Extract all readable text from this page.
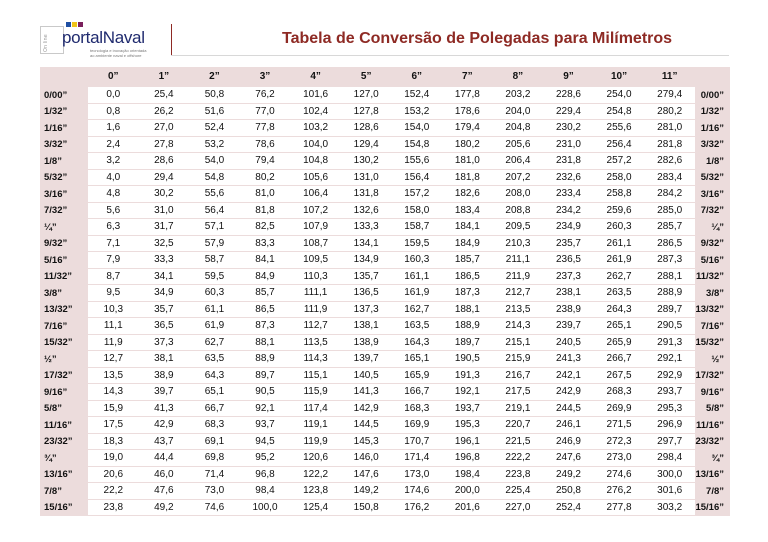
On line portalNaval
tecnologia e inovação orientada
ao ambiente naval e offshore
Tabela de Conversão de Polegadas para Milímetros
	0”	1”	2”	3”	4”	5”	6”	7”	8”	9”	10”	11”	
0/00”	0,0	25,4	50,8	76,2	101,6	127,0	152,4	177,8	203,2	228,6	254,0	279,4	0/00”
1/32”	0,8	26,2	51,6	77,0	102,4	127,8	153,2	178,6	204,0	229,4	254,8	280,2	1/32”
1/16”	1,6	27,0	52,4	77,8	103,2	128,6	154,0	179,4	204,8	230,2	255,6	281,0	1/16”
3/32”	2,4	27,8	53,2	78,6	104,0	129,4	154,8	180,2	205,6	231,0	256,4	281,8	3/32”
1/8”	3,2	28,6	54,0	79,4	104,8	130,2	155,6	181,0	206,4	231,8	257,2	282,6	1/8”
5/32”	4,0	29,4	54,8	80,2	105,6	131,0	156,4	181,8	207,2	232,6	258,0	283,4	5/32”
3/16”	4,8	30,2	55,6	81,0	106,4	131,8	157,2	182,6	208,0	233,4	258,8	284,2	3/16”
7/32”	5,6	31,0	56,4	81,8	107,2	132,6	158,0	183,4	208,8	234,2	259,6	285,0	7/32”
¼”	6,3	31,7	57,1	82,5	107,9	133,3	158,7	184,1	209,5	234,9	260,3	285,7	¼”
9/32”	7,1	32,5	57,9	83,3	108,7	134,1	159,5	184,9	210,3	235,7	261,1	286,5	9/32”
5/16”	7,9	33,3	58,7	84,1	109,5	134,9	160,3	185,7	211,1	236,5	261,9	287,3	5/16”
11/32”	8,7	34,1	59,5	84,9	110,3	135,7	161,1	186,5	211,9	237,3	262,7	288,1	11/32”
3/8”	9,5	34,9	60,3	85,7	111,1	136,5	161,9	187,3	212,7	238,1	263,5	288,9	3/8”
13/32”	10,3	35,7	61,1	86,5	111,9	137,3	162,7	188,1	213,5	238,9	264,3	289,7	13/32”
7/16”	11,1	36,5	61,9	87,3	112,7	138,1	163,5	188,9	214,3	239,7	265,1	290,5	7/16”
15/32”	11,9	37,3	62,7	88,1	113,5	138,9	164,3	189,7	215,1	240,5	265,9	291,3	15/32”
½”	12,7	38,1	63,5	88,9	114,3	139,7	165,1	190,5	215,9	241,3	266,7	292,1	½”
17/32”	13,5	38,9	64,3	89,7	115,1	140,5	165,9	191,3	216,7	242,1	267,5	292,9	17/32”
9/16”	14,3	39,7	65,1	90,5	115,9	141,3	166,7	192,1	217,5	242,9	268,3	293,7	9/16”
5/8”	15,9	41,3	66,7	92,1	117,4	142,9	168,3	193,7	219,1	244,5	269,9	295,3	5/8”
11/16”	17,5	42,9	68,3	93,7	119,1	144,5	169,9	195,3	220,7	246,1	271,5	296,9	11/16”
23/32”	18,3	43,7	69,1	94,5	119,9	145,3	170,7	196,1	221,5	246,9	272,3	297,7	23/32”
¾”	19,0	44,4	69,8	95,2	120,6	146,0	171,4	196,8	222,2	247,6	273,0	298,4	¾”
13/16”	20,6	46,0	71,4	96,8	122,2	147,6	173,0	198,4	223,8	249,2	274,6	300,0	13/16”
7/8”	22,2	47,6	73,0	98,4	123,8	149,2	174,6	200,0	225,4	250,8	276,2	301,6	7/8”
15/16”	23,8	49,2	74,6	100,0	125,4	150,8	176,2	201,6	227,0	252,4	277,8	303,2	15/16”
